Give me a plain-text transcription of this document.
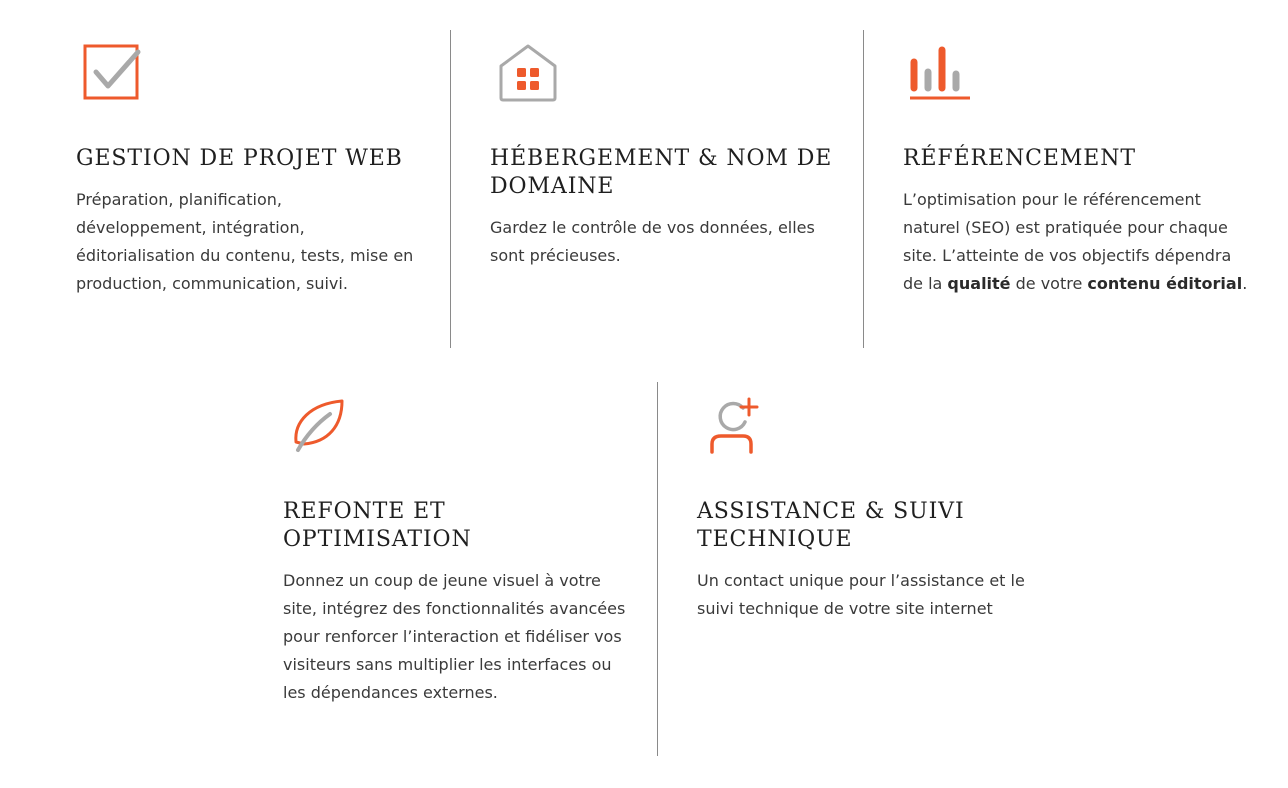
GESTION DE PROJET WEB

Préparation, planification, développement, intégration, éditorialisation du contenu, tests, mise en production, communication, suivi.

HÉBERGEMENT & NOM DE DOMAINE

Gardez le contrôle de vos données, elles sont précieuses.

RÉFÉRENCEMENT

L’optimisation pour le référencement naturel (SEO) est pratiquée pour chaque site. L’atteinte de vos objectifs dépendra de la qualité de votre contenu éditorial.

REFONTE ET OPTIMISATION

Donnez un coup de jeune visuel à votre site, intégrez des fonctionnalités avancées pour renforcer l’interaction et fidéliser vos visiteurs sans multiplier les interfaces ou les dépendances externes.

ASSISTANCE & SUIVI TECHNIQUE

Un contact unique pour l’assistance et le suivi technique de votre site internet
